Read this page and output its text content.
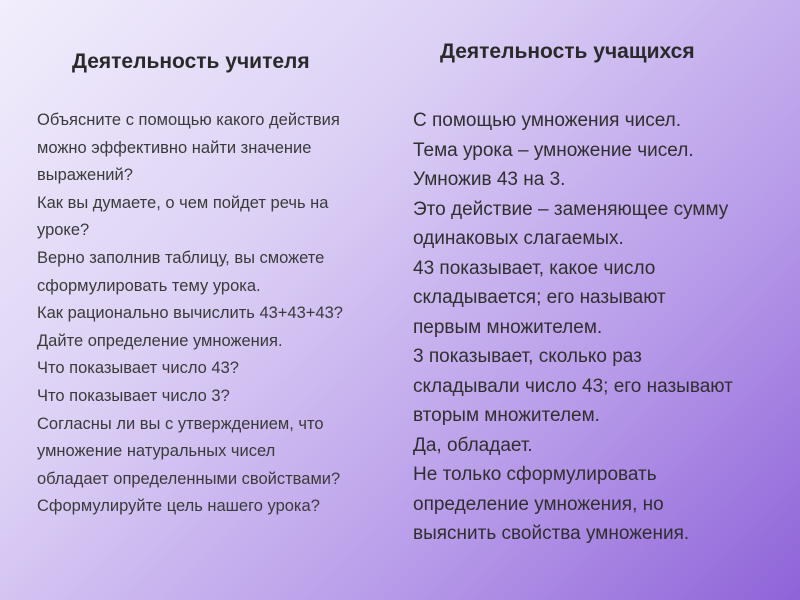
Деятельность учителя	Деятельность учащихся
Объясните с помощью какого действия
можно эффективно найти значение
выражений?
Как вы думаете, о чем пойдет речь на
уроке?
Верно заполнив таблицу, вы сможете
сформулировать тему урока.
Как рационально вычислить 43+43+43?
Дайте определение умножения.
Что показывает число 43?
Что показывает число 3?
Согласны ли вы с утверждением, что
умножение натуральных чисел
обладает определенными свойствами?
Сформулируйте цель нашего урока?
С помощью умножения чисел.
Тема урока – умножение чисел.
Умножив 43 на 3.
Это действие – заменяющее сумму
одинаковых слагаемых.
43 показывает, какое число
складывается; его называют
первым множителем.
3 показывает, сколько раз
складывали число 43; его называют
вторым множителем.
Да, обладает.
Не только сформулировать
определение умножения, но
выяснить свойства умножения.
